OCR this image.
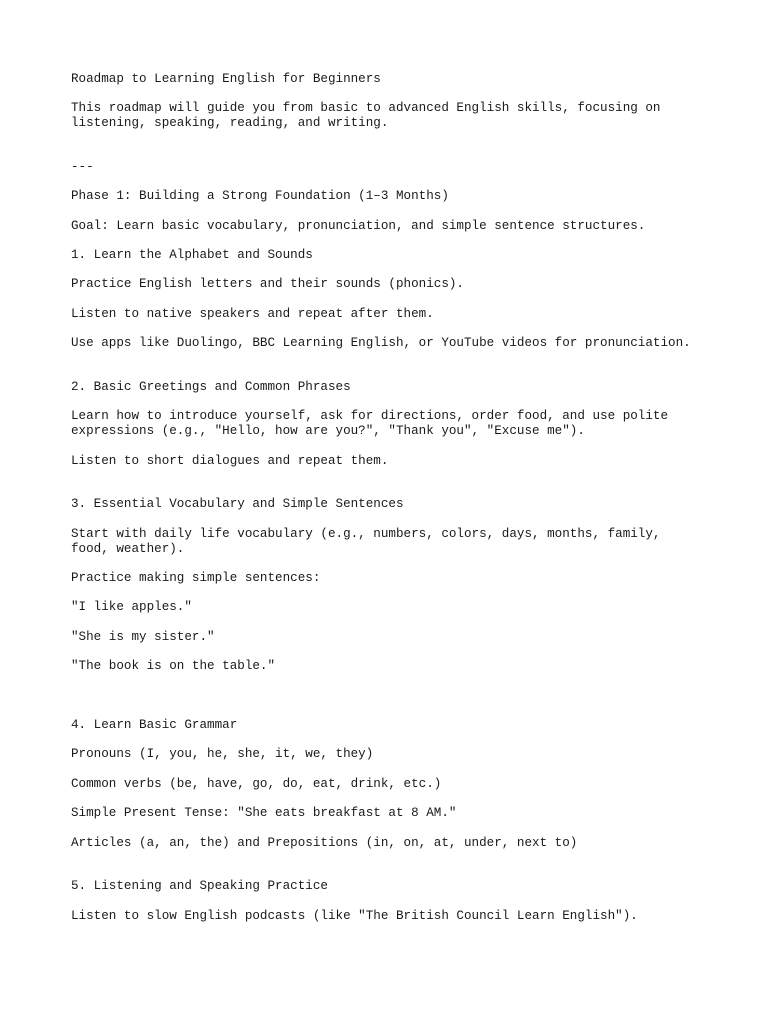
Roadmap to Learning English for Beginners

This roadmap will guide you from basic to advanced English skills, focusing on

listening, speaking, reading, and writing.

---

Phase 1: Building a Strong Foundation (1–3 Months)

Goal: Learn basic vocabulary, pronunciation, and simple sentence structures.

1. Learn the Alphabet and Sounds

Practice English letters and their sounds (phonics).

Listen to native speakers and repeat after them.

Use apps like Duolingo, BBC Learning English, or YouTube videos for pronunciation.

2. Basic Greetings and Common Phrases

Learn how to introduce yourself, ask for directions, order food, and use polite

expressions (e.g., "Hello, how are you?", "Thank you", "Excuse me").

Listen to short dialogues and repeat them.

3. Essential Vocabulary and Simple Sentences

Start with daily life vocabulary (e.g., numbers, colors, days, months, family,

food, weather).

Practice making simple sentences:

"I like apples."

"She is my sister."

"The book is on the table."

4. Learn Basic Grammar

Pronouns (I, you, he, she, it, we, they)

Common verbs (be, have, go, do, eat, drink, etc.)

Simple Present Tense: "She eats breakfast at 8 AM."

Articles (a, an, the) and Prepositions (in, on, at, under, next to)

5. Listening and Speaking Practice

Listen to slow English podcasts (like "The British Council Learn English").
